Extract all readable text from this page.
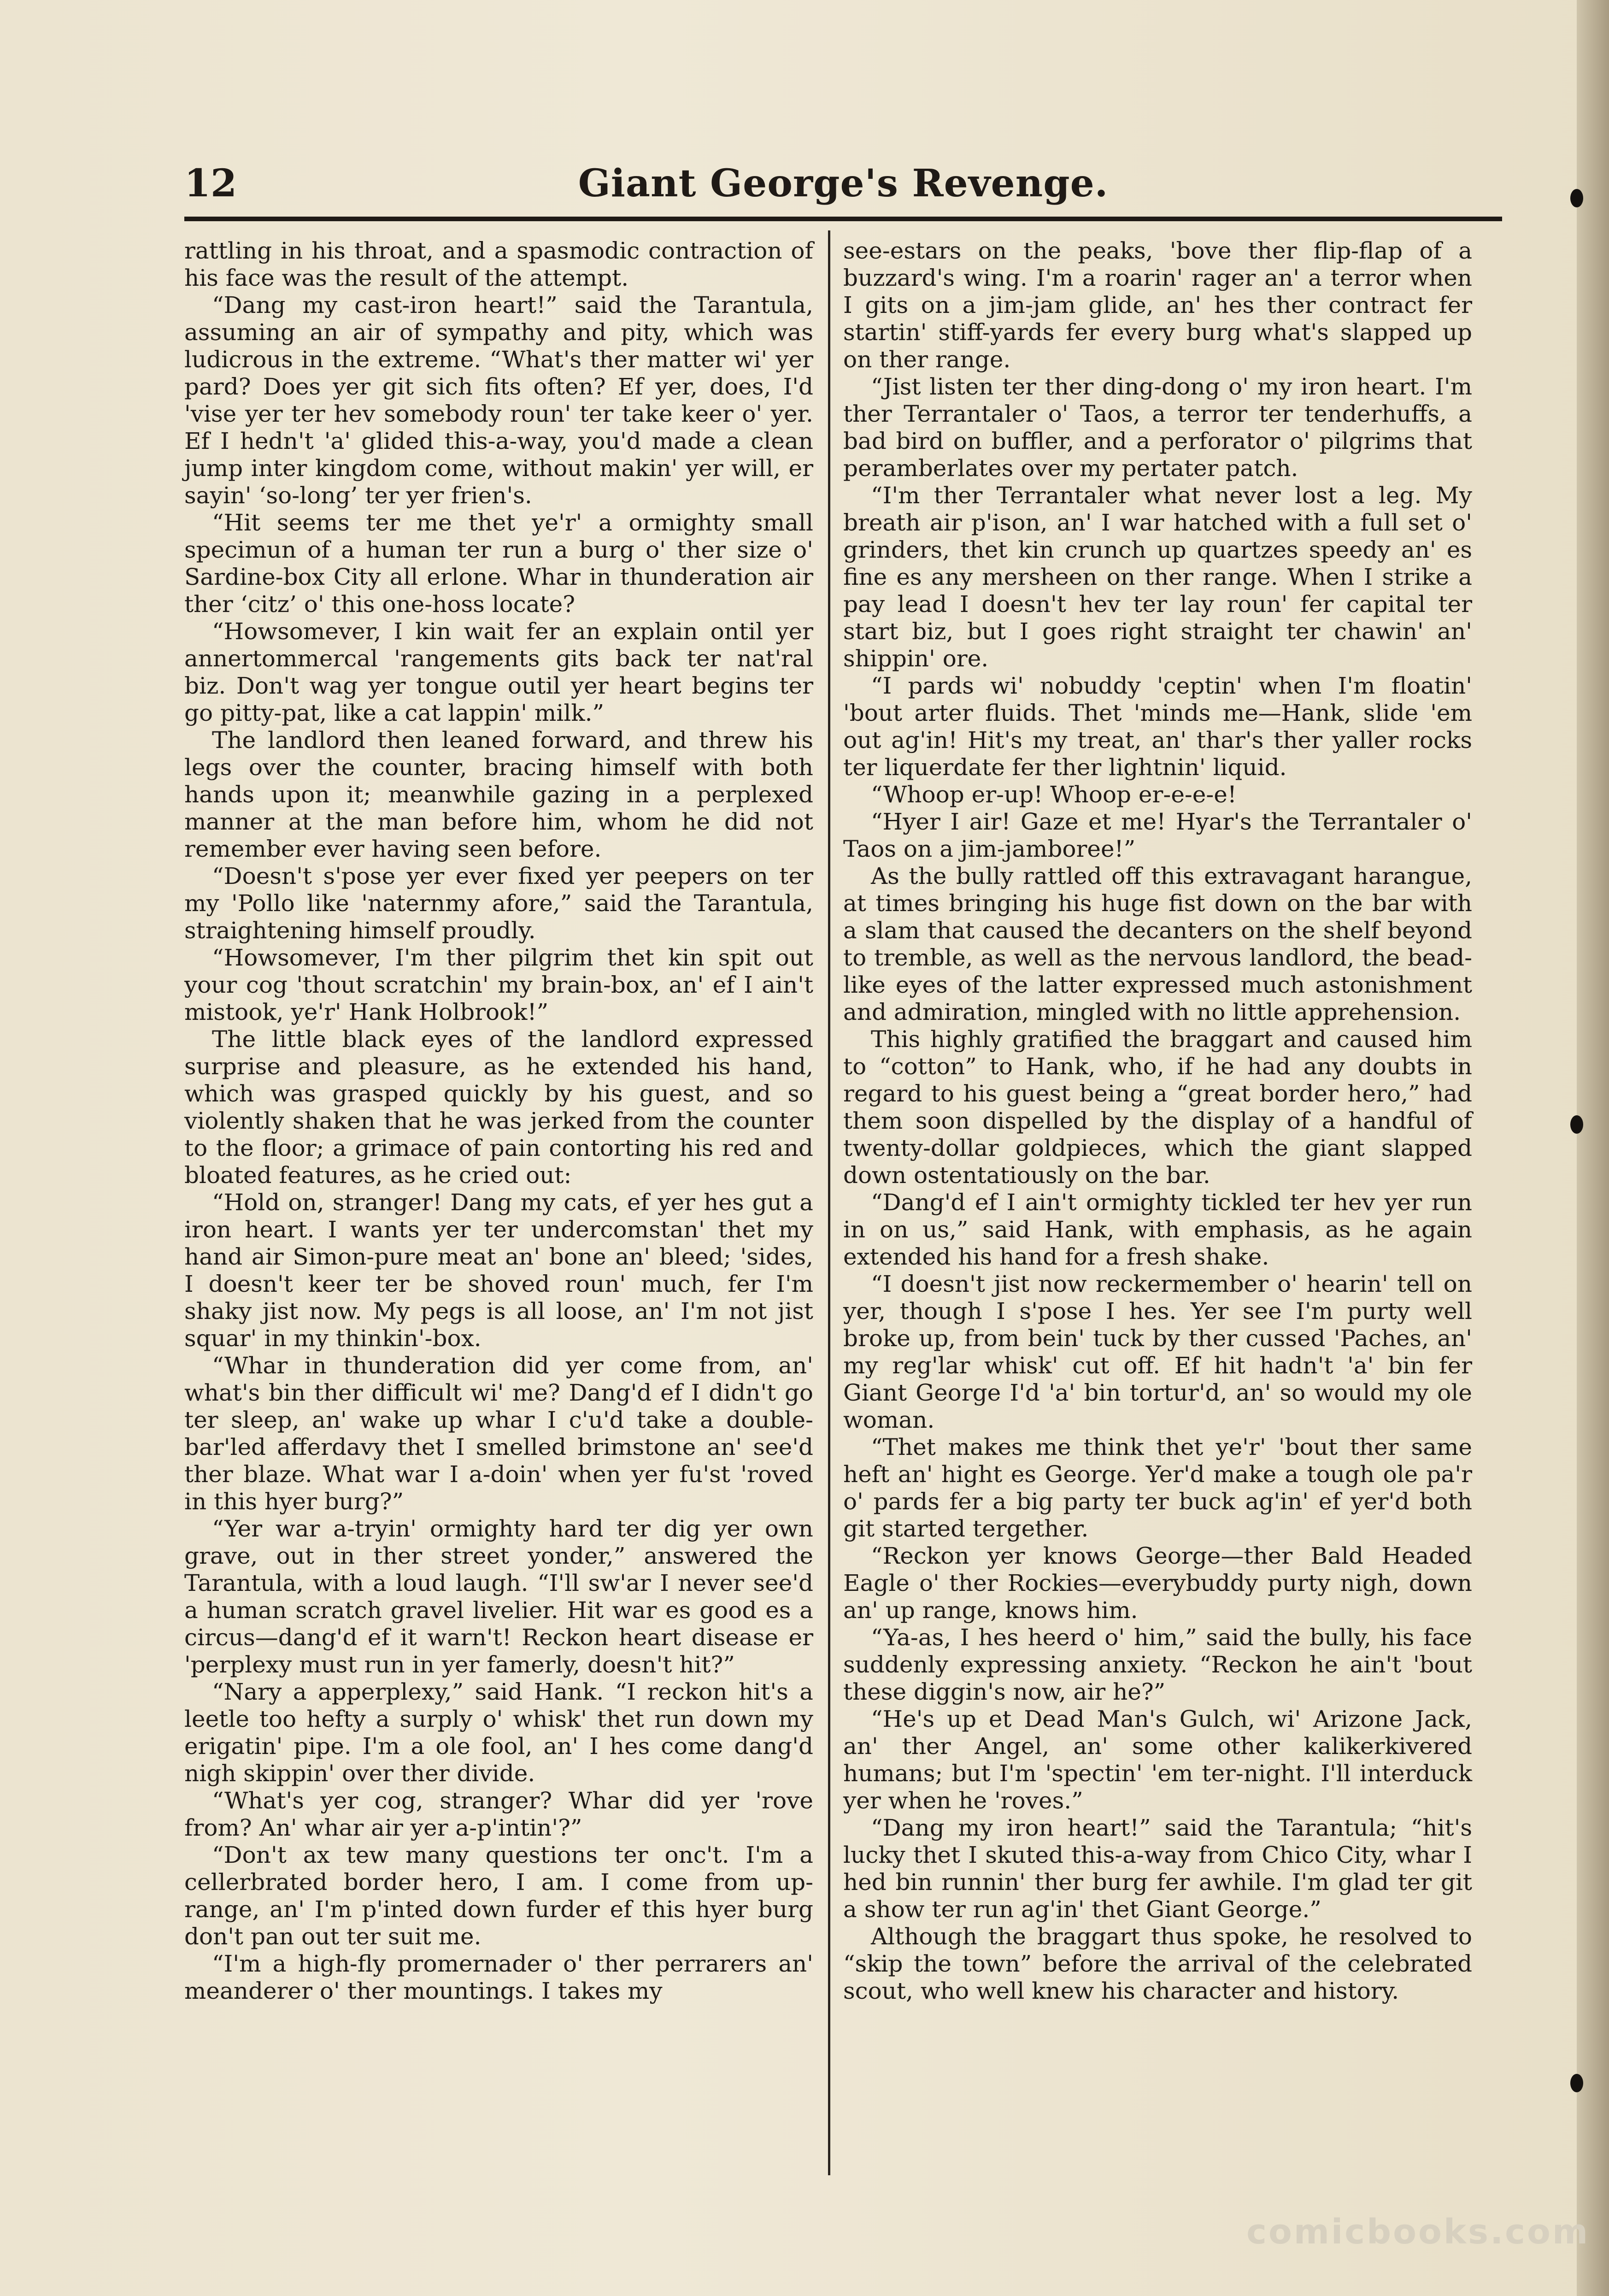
12	Giant George's Revenge.

rattling in his throat, and a spasmodic contraction of his face was the result of the attempt.

“Dang my cast-iron heart!” said the Tarantula, assuming an air of sympathy and pity, which was ludicrous in the extreme. “What's ther matter wi' yer pard? Does yer git sich fits often? Ef yer, does, I'd 'vise yer ter hev somebody roun' ter take keer o' yer. Ef I hedn't 'a' glided this-a-way, you'd made a clean jump inter kingdom come, without makin' yer will, er sayin' ‘so-long’ ter yer frien's.

“Hit seems ter me thet ye'r' a ormighty small specimun of a human ter run a burg o' ther size o' Sardine-box City all erlone. Whar in thunderation air ther ‘citz’ o' this one-hoss locate?

“Howsomever, I kin wait fer an explain ontil yer annertommercal 'rangements gits back ter nat'ral biz. Don't wag yer tongue outil yer heart begins ter go pitty-pat, like a cat lappin' milk.”

The landlord then leaned forward, and threw his legs over the counter, bracing himself with both hands upon it; meanwhile gazing in a perplexed manner at the man before him, whom he did not remember ever having seen before.

“Doesn't s'pose yer ever fixed yer peepers on ter my 'Pollo like 'naternmy afore,” said the Tarantula, straightening himself proudly.

“Howsomever, I'm ther pilgrim thet kin spit out your cog 'thout scratchin' my brain-box, an' ef I ain't mistook, ye'r' Hank Holbrook!”

The little black eyes of the landlord expressed surprise and pleasure, as he extended his hand, which was grasped quickly by his guest, and so violently shaken that he was jerked from the counter to the floor; a grimace of pain contorting his red and bloated features, as he cried out:

“Hold on, stranger! Dang my cats, ef yer hes gut a iron heart. I wants yer ter undercomstan' thet my hand air Simon-pure meat an' bone an' bleed; 'sides, I doesn't keer ter be shoved roun' much, fer I'm shaky jist now. My pegs is all loose, an' I'm not jist squar' in my thinkin'-box.

“Whar in thunderation did yer come from, an' what's bin ther difficult wi' me? Dang'd ef I didn't go ter sleep, an' wake up whar I c'u'd take a double-bar'led afferdavy thet I smelled brimstone an' see'd ther blaze. What war I a-doin' when yer fu'st 'roved in this hyer burg?”

“Yer war a-tryin' ormighty hard ter dig yer own grave, out in ther street yonder,” answered the Tarantula, with a loud laugh. “I'll sw'ar I never see'd a human scratch gravel livelier. Hit war es good es a circus—dang'd ef it warn't! Reckon heart disease er 'perplexy must run in yer famerly, doesn't hit?”

“Nary a apperplexy,” said Hank. “I reckon hit's a leetle too hefty a surply o' whisk' thet run down my erigatin' pipe. I'm a ole fool, an' I hes come dang'd nigh skippin' over ther divide.

“What's yer cog, stranger? Whar did yer 'rove from? An' whar air yer a-p'intin'?”

“Don't ax tew many questions ter onc't. I'm a cellerbrated border hero, I am. I come from up-range, an' I'm p'inted down furder ef this hyer burg don't pan out ter suit me.

“I'm a high-fly promernader o' ther perrarers an' meanderer o' ther mountings. I takes my

see-estars on the peaks, 'bove ther flip-flap of a buzzard's wing. I'm a roarin' rager an' a terror when I gits on a jim-jam glide, an' hes ther contract fer startin' stiff-yards fer every burg what's slapped up on ther range.

“Jist listen ter ther ding-dong o' my iron heart. I'm ther Terrantaler o' Taos, a terror ter tenderhuffs, a bad bird on buffler, and a perforator o' pilgrims that peramberlates over my pertater patch.

“I'm ther Terrantaler what never lost a leg. My breath air p'ison, an' I war hatched with a full set o' grinders, thet kin crunch up quartzes speedy an' es fine es any mersheen on ther range. When I strike a pay lead I doesn't hev ter lay roun' fer capital ter start biz, but I goes right straight ter chawin' an' shippin' ore.

“I pards wi' nobuddy 'ceptin' when I'm floatin' 'bout arter fluids. Thet 'minds me—Hank, slide 'em out ag'in! Hit's my treat, an' thar's ther yaller rocks ter liquerdate fer ther lightnin' liquid.

“Whoop er-up! Whoop er-e-e-e!

“Hyer I air! Gaze et me! Hyar's the Terrantaler o' Taos on a jim-jamboree!”

As the bully rattled off this extravagant harangue, at times bringing his huge fist down on the bar with a slam that caused the decanters on the shelf beyond to tremble, as well as the nervous landlord, the bead-like eyes of the latter expressed much astonishment and admiration, mingled with no little apprehension.

This highly gratified the braggart and caused him to “cotton” to Hank, who, if he had any doubts in regard to his guest being a “great border hero,” had them soon dispelled by the display of a handful of twenty-dollar goldpieces, which the giant slapped down ostentatiously on the bar.

“Dang'd ef I ain't ormighty tickled ter hev yer run in on us,” said Hank, with emphasis, as he again extended his hand for a fresh shake.

“I doesn't jist now reckermember o' hearin' tell on yer, though I s'pose I hes. Yer see I'm purty well broke up, from bein' tuck by ther cussed 'Paches, an' my reg'lar whisk' cut off. Ef hit hadn't 'a' bin fer Giant George I'd 'a' bin tortur'd, an' so would my ole woman.

“Thet makes me think thet ye'r' 'bout ther same heft an' hight es George. Yer'd make a tough ole pa'r o' pards fer a big party ter buck ag'in' ef yer'd both git started tergether.

“Reckon yer knows George—ther Bald Headed Eagle o' ther Rockies—everybuddy purty nigh, down an' up range, knows him.

“Ya-as, I hes heerd o' him,” said the bully, his face suddenly expressing anxiety. “Reckon he ain't 'bout these diggin's now, air he?”

“He's up et Dead Man's Gulch, wi' Arizone Jack, an' ther Angel, an' some other kalikerkivered humans; but I'm 'spectin' 'em ter-night. I'll interduck yer when he 'roves.”

“Dang my iron heart!” said the Tarantula; “hit's lucky thet I skuted this-a-way from Chico City, whar I hed bin runnin' ther burg fer awhile. I'm glad ter git a show ter run ag'in' thet Giant George.”

Although the braggart thus spoke, he resolved to “skip the town” before the arrival of the celebrated scout, who well knew his character and history.

comicbooks.com
